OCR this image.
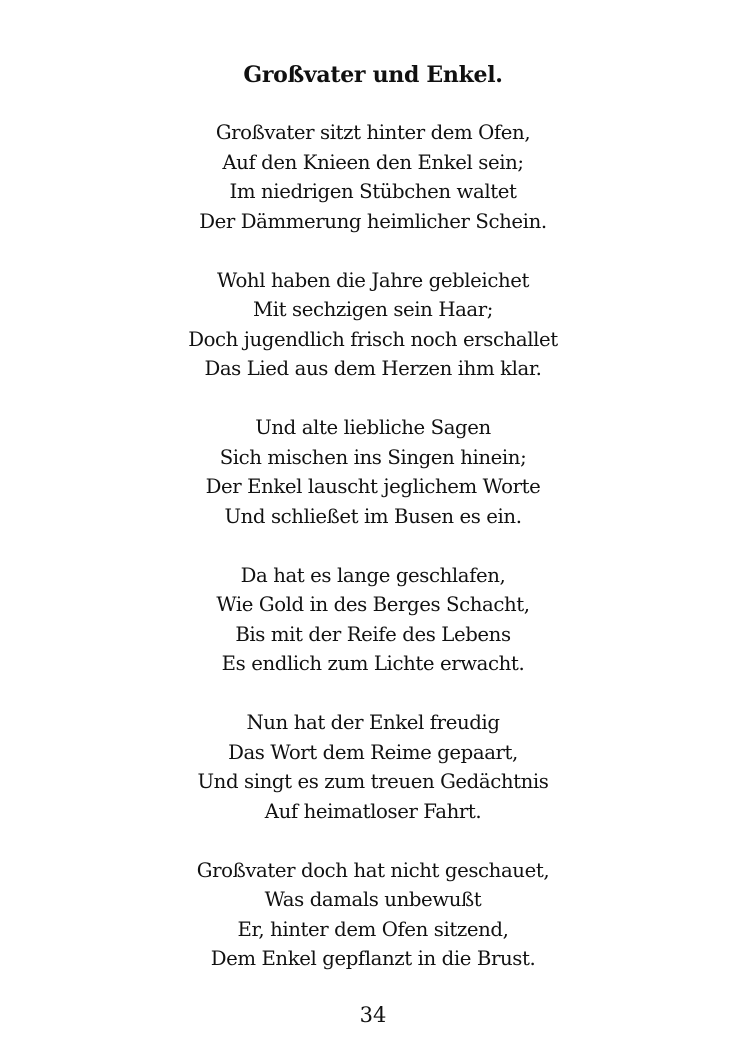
Großvater und Enkel.
Großvater sitzt hinter dem Ofen,
Auf den Knieen den Enkel sein;
Im niedrigen Stübchen waltet
Der Dämmerung heimlicher Schein.
Wohl haben die Jahre gebleichet
Mit sechzigen sein Haar;
Doch jugendlich frisch noch erschallet
Das Lied aus dem Herzen ihm klar.
Und alte liebliche Sagen
Sich mischen ins Singen hinein;
Der Enkel lauscht jeglichem Worte
Und schließet im Busen es ein.
Da hat es lange geschlafen,
Wie Gold in des Berges Schacht,
Bis mit der Reife des Lebens
Es endlich zum Lichte erwacht.
Nun hat der Enkel freudig
Das Wort dem Reime gepaart,
Und singt es zum treuen Gedächtnis
Auf heimatloser Fahrt.
Großvater doch hat nicht geschauet,
Was damals unbewußt
Er, hinter dem Ofen sitzend,
Dem Enkel gepflanzt in die Brust.
34
